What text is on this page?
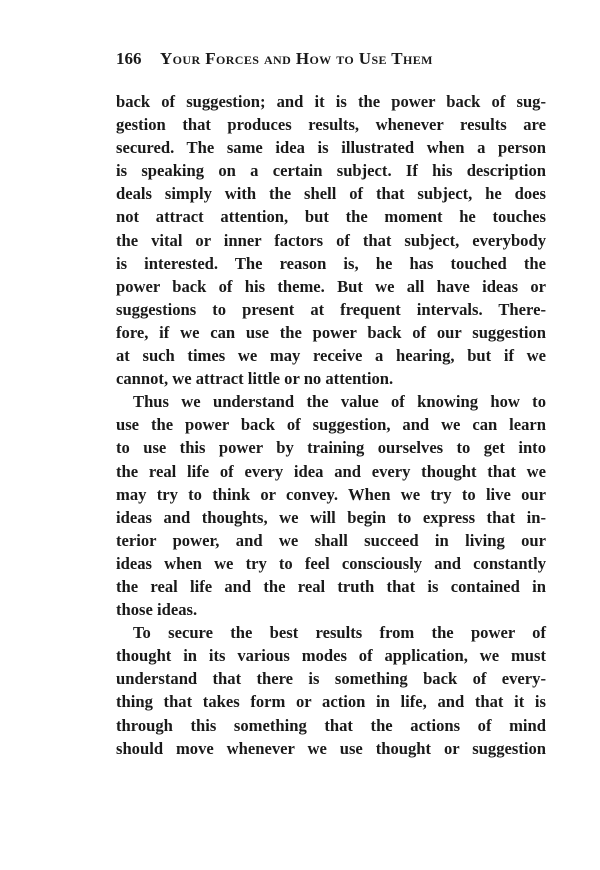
166 Your Forces and How to Use Them
back of suggestion; and it is the power back of sug-
gestion that produces results, whenever results are
secured. The same idea is illustrated when a person
is speaking on a certain subject. If his description
deals simply with the shell of that subject, he does
not attract attention, but the moment he touches
the vital or inner factors of that subject, everybody
is interested. The reason is, he has touched the
power back of his theme. But we all have ideas or
suggestions to present at frequent intervals. There-
fore, if we can use the power back of our suggestion
at such times we may receive a hearing, but if we
cannot, we attract little or no attention.
Thus we understand the value of knowing how to
use the power back of suggestion, and we can learn
to use this power by training ourselves to get into
the real life of every idea and every thought that we
may try to think or convey. When we try to live our
ideas and thoughts, we will begin to express that in-
terior power, and we shall succeed in living our
ideas when we try to feel consciously and constantly
the real life and the real truth that is contained in
those ideas.
To secure the best results from the power of
thought in its various modes of application, we must
understand that there is something back of every-
thing that takes form or action in life, and that it is
through this something that the actions of mind
should move whenever we use thought or suggestion
